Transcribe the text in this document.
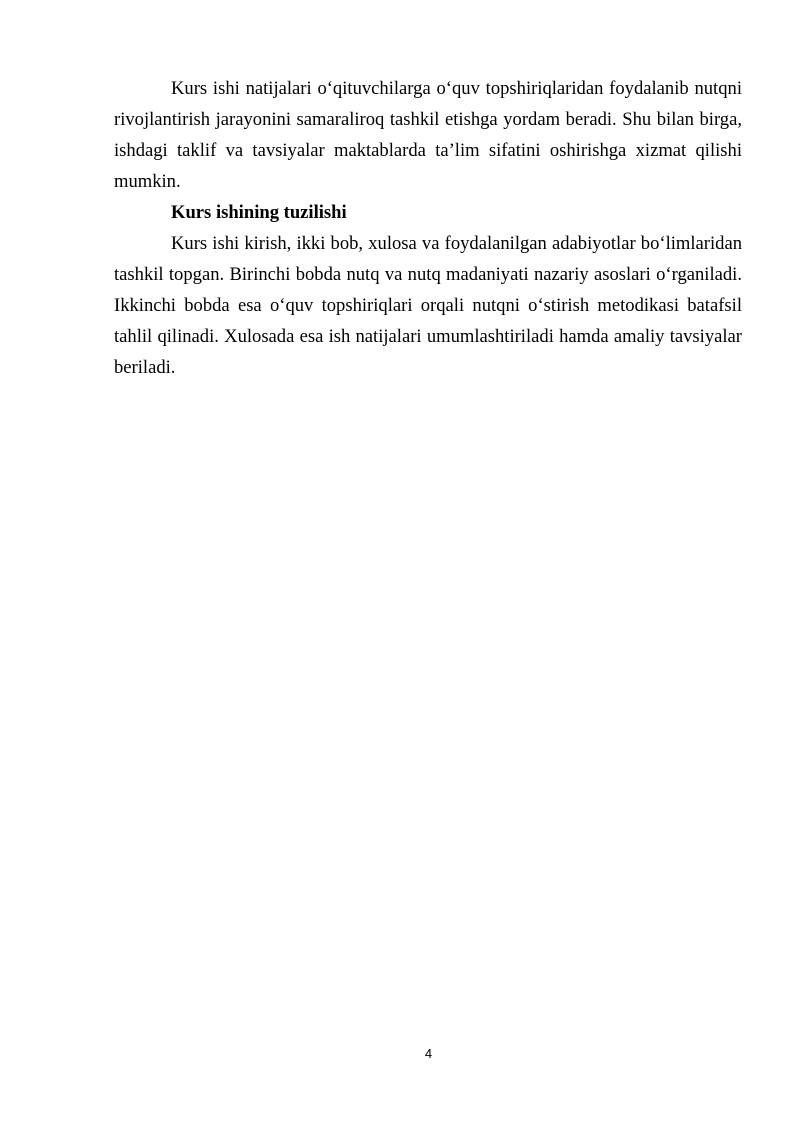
Kurs ishi natijalari o‘qituvchilarga o‘quv topshiriqlaridan foydalanib nutqni rivojlantirish jarayonini samaraliroq tashkil etishga yordam beradi. Shu bilan birga, ishdagi taklif va tavsiyalar maktablarda ta’lim sifatini oshirishga xizmat qilishi mumkin.

Kurs ishining tuzilishi

Kurs ishi kirish, ikki bob, xulosa va foydalanilgan adabiyotlar bo‘limlaridan tashkil topgan. Birinchi bobda nutq va nutq madaniyati nazariy asoslari o‘rganiladi. Ikkinchi bobda esa o‘quv topshiriqlari orqali nutqni o‘stirish metodikasi batafsil tahlil qilinadi. Xulosada esa ish natijalari umumlashtiriladi hamda amaliy tavsiyalar beriladi.

4
